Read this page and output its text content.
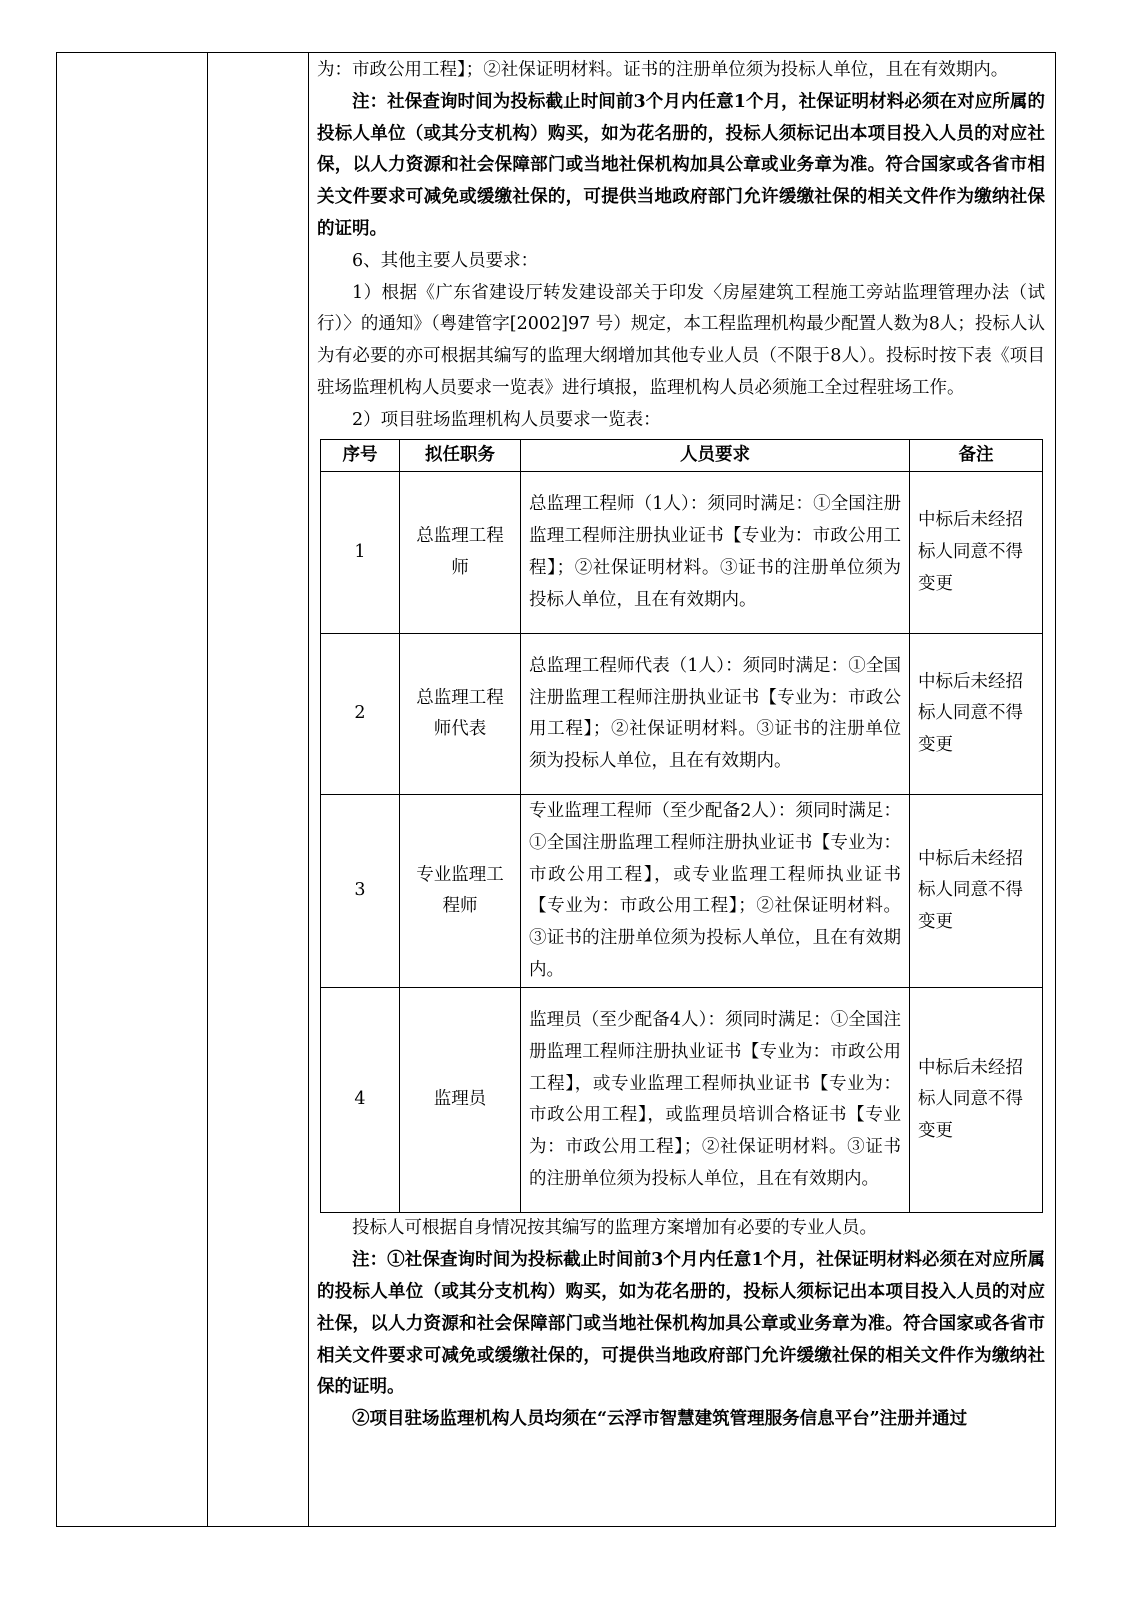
为：市政公用工程】；②社保证明材料。证书的注册单位须为投标人单位，且在有效期内。

注：社保查询时间为投标截止时间前3个月内任意1个月，社保证明材料必须在对应所属的投标人单位（或其分支机构）购买，如为花名册的，投标人须标记出本项目投入人员的对应社保，以人力资源和社会保障部门或当地社保机构加具公章或业务章为准。符合国家或各省市相关文件要求可减免或缓缴社保的，可提供当地政府部门允许缓缴社保的相关文件作为缴纳社保的证明。

6、其他主要人员要求：

1）根据《广东省建设厅转发建设部关于印发〈房屋建筑工程施工旁站监理管理办法（试行）〉的通知》（粤建管字[2002]97 号）规定，本工程监理机构最少配置人数为8人；投标人认为有必要的亦可根据其编写的监理大纲增加其他专业人员（不限于8人）。投标时按下表《项目驻场监理机构人员要求一览表》进行填报，监理机构人员必须施工全过程驻场工作。

2）项目驻场监理机构人员要求一览表：

序号	拟任职务	人员要求	备注
1	总监理工程师	总监理工程师（1人）：须同时满足：①全国注册监理工程师注册执业证书【专业为：市政公用工程】；②社保证明材料。③证书的注册单位须为投标人单位，且在有效期内。	中标后未经招标人同意不得变更
2	总监理工程师代表	总监理工程师代表（1人）：须同时满足：①全国注册监理工程师注册执业证书【专业为：市政公用工程】；②社保证明材料。③证书的注册单位须为投标人单位，且在有效期内。	中标后未经招标人同意不得变更
3	专业监理工程师	专业监理工程师（至少配备2人）：须同时满足：①全国注册监理工程师注册执业证书【专业为：市政公用工程】，或专业监理工程师执业证书【专业为：市政公用工程】；②社保证明材料。③证书的注册单位须为投标人单位，且在有效期内。	中标后未经招标人同意不得变更
4	监理员	监理员（至少配备4人）：须同时满足：①全国注册监理工程师注册执业证书【专业为：市政公用工程】，或专业监理工程师执业证书【专业为：市政公用工程】，或监理员培训合格证书【专业为：市政公用工程】；②社保证明材料。③证书的注册单位须为投标人单位，且在有效期内。	中标后未经招标人同意不得变更

投标人可根据自身情况按其编写的监理方案增加有必要的专业人员。

注：①社保查询时间为投标截止时间前3个月内任意1个月，社保证明材料必须在对应所属的投标人单位（或其分支机构）购买，如为花名册的，投标人须标记出本项目投入人员的对应社保，以人力资源和社会保障部门或当地社保机构加具公章或业务章为准。符合国家或各省市相关文件要求可减免或缓缴社保的，可提供当地政府部门允许缓缴社保的相关文件作为缴纳社保的证明。

②项目驻场监理机构人员均须在“云浮市智慧建筑管理服务信息平台”注册并通过
